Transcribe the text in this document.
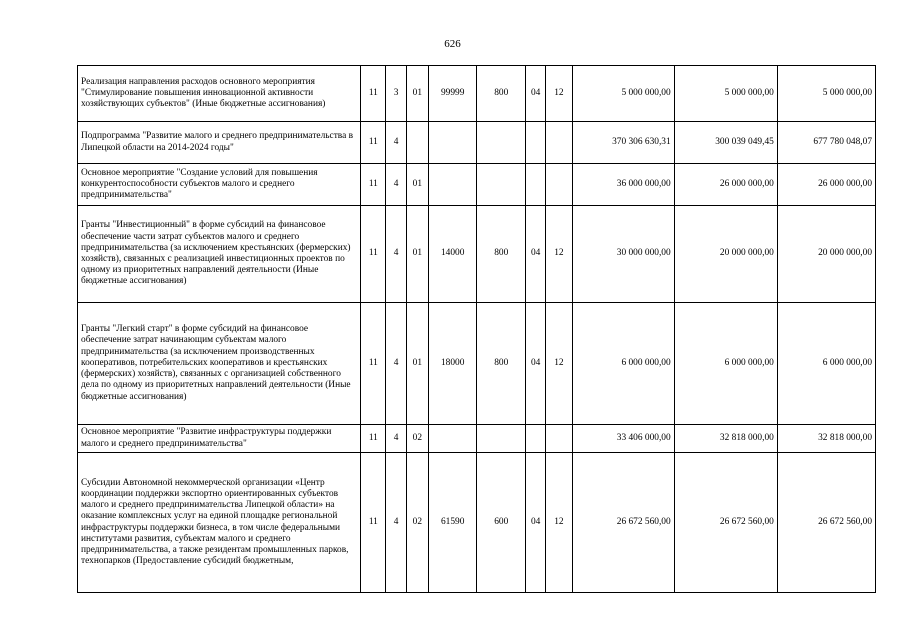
626
Реализация направления расходов основного мероприятия "Стимулирование повышения инновационной активности хозяйствующих субъектов" (Иные бюджетные ассигнования)	11	3	01	99999	800	04	12	5 000 000,00	5 000 000,00	5 000 000,00
Подпрограмма "Развитие малого и среднего предпринимательства в Липецкой области на 2014-2024 годы"	11	4						370 306 630,31	300 039 049,45	677 780 048,07
Основное мероприятие "Создание условий для повышения конкурентоспособности субъектов малого и среднего предпринимательства"	11	4	01					36 000 000,00	26 000 000,00	26 000 000,00
Гранты "Инвестиционный" в форме субсидий на финансовое обеспечение части затрат субъектов малого и среднего предпринимательства (за исключением крестьянских (фермерских) хозяйств), связанных с реализацией инвестиционных проектов по одному из приоритетных направлений деятельности (Иные бюджетные ассигнования)	11	4	01	14000	800	04	12	30 000 000,00	20 000 000,00	20 000 000,00
Гранты "Легкий старт" в форме субсидий на финансовое обеспечение затрат начинающим субъектам малого предпринимательства (за исключением производственных кооперативов, потребительских кооперативов и крестьянских (фермерских) хозяйств), связанных с организацией собственного дела по одному из приоритетных направлений деятельности (Иные бюджетные ассигнования)	11	4	01	18000	800	04	12	6 000 000,00	6 000 000,00	6 000 000,00
Основное мероприятие "Развитие инфраструктуры поддержки малого и среднего предпринимательства"	11	4	02					33 406 000,00	32 818 000,00	32 818 000,00
Субсидии Автономной некоммерческой организации «Центр координации поддержки экспортно ориентированных субъектов малого и среднего предпринимательства Липецкой области» на оказание комплексных услуг на единой площадке региональной инфраструктуры поддержки бизнеса, в том числе федеральными институтами развития, субъектам малого и среднего предпринимательства, а также резидентам промышленных парков, технопарков (Предоставление субсидий бюджетным,	11	4	02	61590	600	04	12	26 672 560,00	26 672 560,00	26 672 560,00
